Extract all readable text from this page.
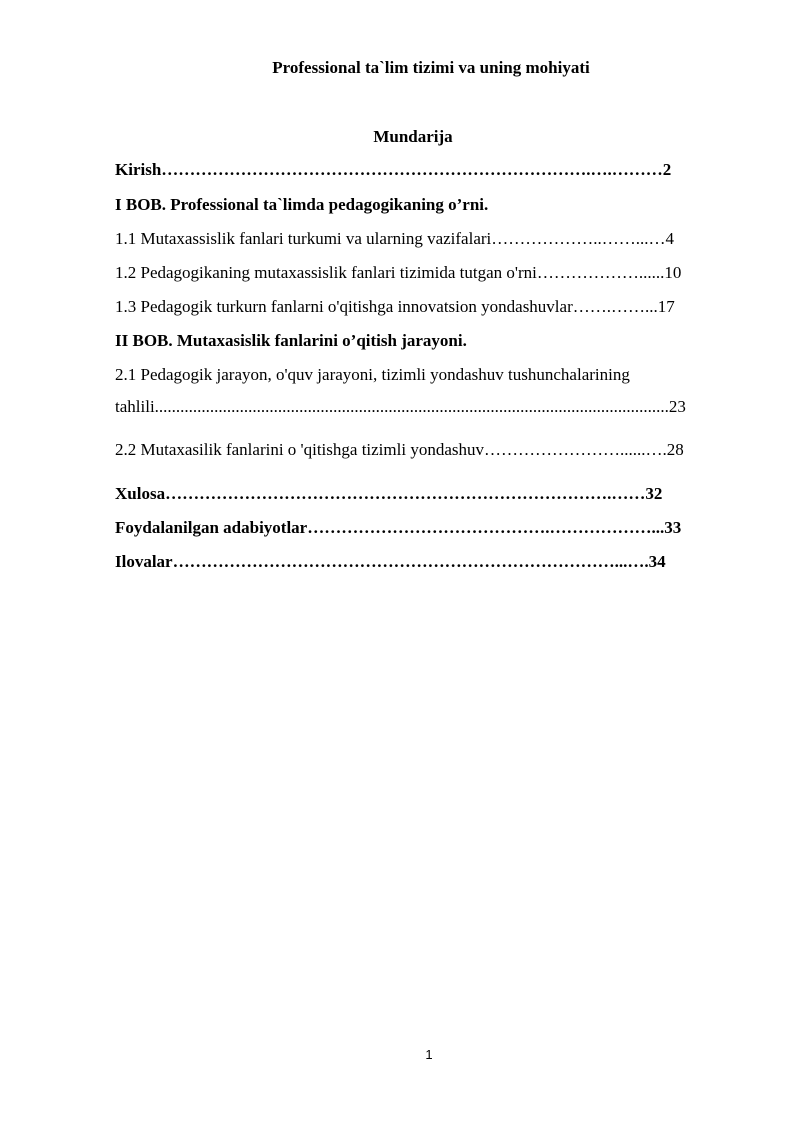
Professional ta`lim tizimi va uning mohiyati
Mundarija
Kirish………………………………………………………………….….………2
I BOB. Professional ta`limda pedagogikaning o’rni.
1.1 Mutaxassislik fanlari turkumi va ularning vazifalari………………..……...…4
1.2 Pedagogikaning mutaxassislik fanlari tizimida tutgan o'rni………………......10
1.3 Pedagogik turkurn fanlarni o'qitishga innovatsion yondashuvlar…….……...17
II BOB. Mutaxasislik fanlarini o’qitish jarayoni.
2.1 Pedagogik jarayon, o'quv jarayoni, tizimli yondashuv tushunchalarining
tahlili.........................................................................................................................23
2.2 Mutaxasilik fanlarini o 'qitishga tizimli yondashuv……………………......….28
Xulosa…………………………………………………………………….……32
Foydalanilgan adabiyotlar…………………………………….………………...33
Ilovalar……………………………………………………………………...….34
1
